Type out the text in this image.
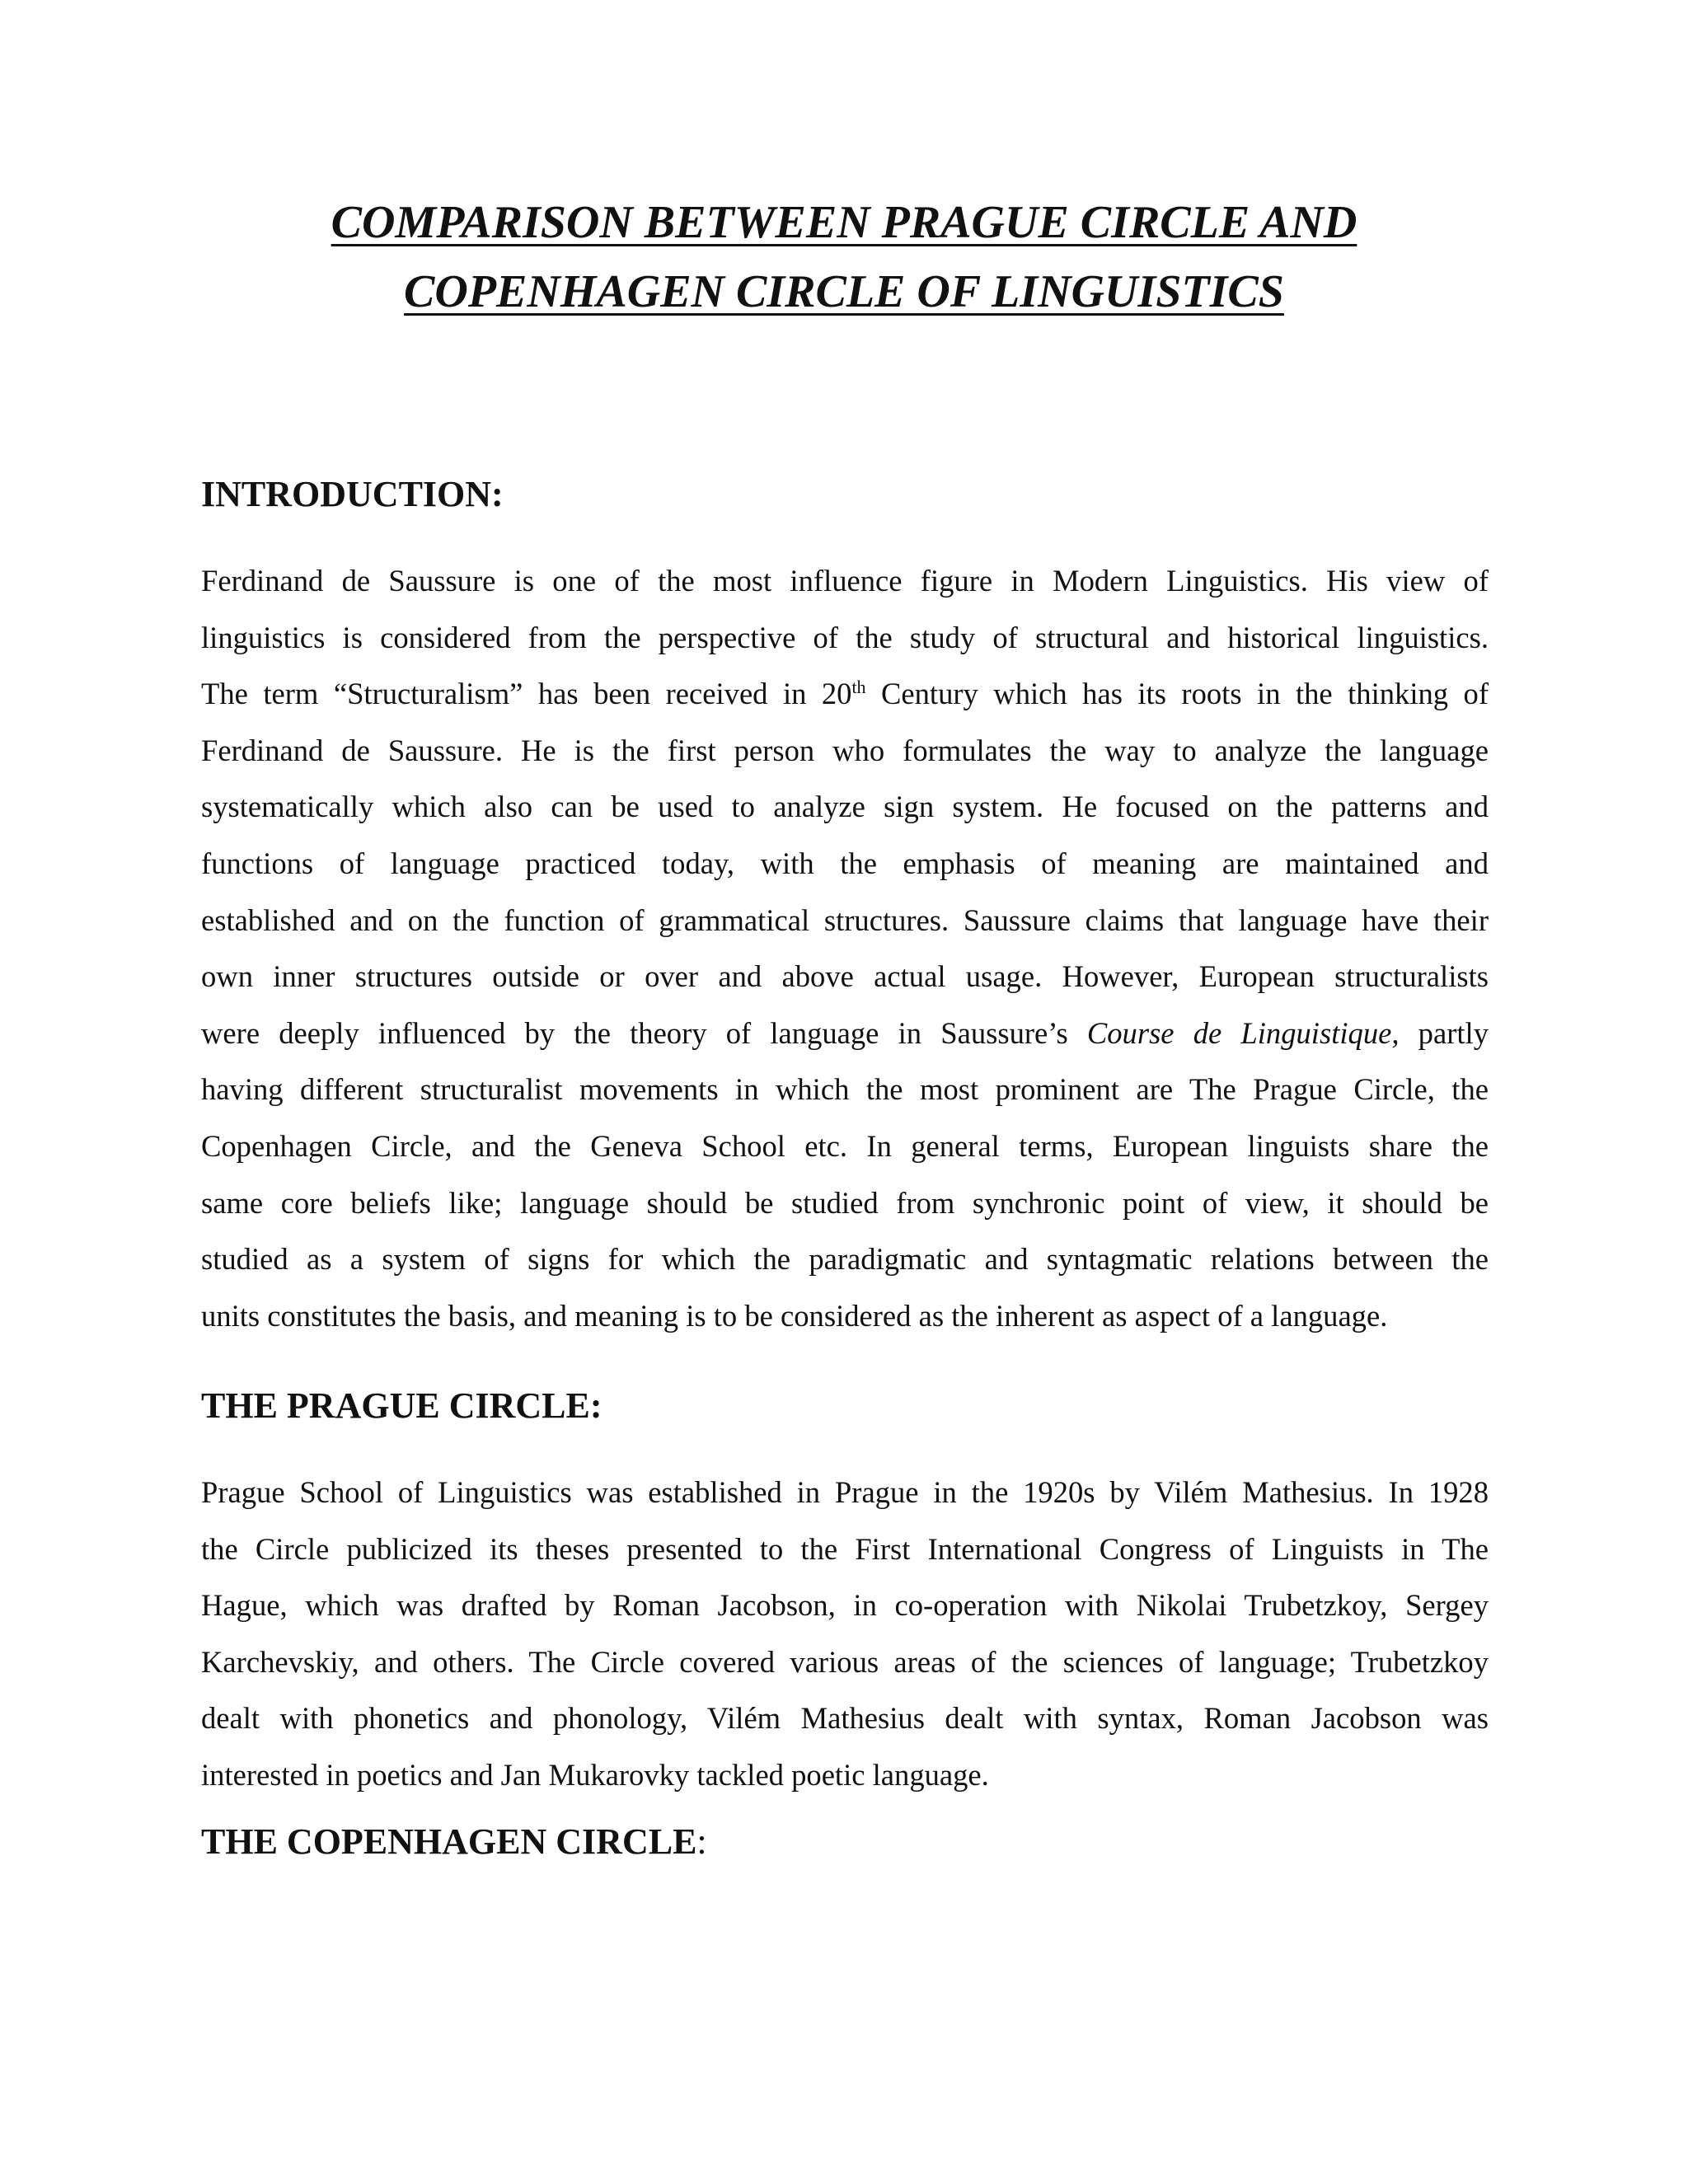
COMPARISON BETWEEN PRAGUE CIRCLE AND
COPENHAGEN CIRCLE OF LINGUISTICS
INTRODUCTION:
Ferdinand de Saussure is one of the most influence figure in Modern Linguistics. His view of
linguistics is considered from the perspective of the study of structural and historical linguistics.
The term “Structuralism” has been received in 20th Century which has its roots in the thinking of
Ferdinand de Saussure. He is the first person who formulates the way to analyze the language
systematically which also can be used to analyze sign system. He focused on the patterns and
functions of language practiced today, with the emphasis of meaning are maintained and
established and on the function of grammatical structures. Saussure claims that language have their
own inner structures outside or over and above actual usage. However, European structuralists
were deeply influenced by the theory of language in Saussure’s Course de Linguistique, partly
having different structuralist movements in which the most prominent are The Prague Circle, the
Copenhagen Circle, and the Geneva School etc. In general terms, European linguists share the
same core beliefs like; language should be studied from synchronic point of view, it should be
studied as a system of signs for which the paradigmatic and syntagmatic relations between the
units constitutes the basis, and meaning is to be considered as the inherent as aspect of a language.
THE PRAGUE CIRCLE:
Prague School of Linguistics was established in Prague in the 1920s by Vilém Mathesius. In 1928
the Circle publicized its theses presented to the First International Congress of Linguists in The
Hague, which was drafted by Roman Jacobson, in co-operation with Nikolai Trubetzkoy, Sergey
Karchevskiy, and others. The Circle covered various areas of the sciences of language; Trubetzkoy
dealt with phonetics and phonology, Vilém Mathesius dealt with syntax, Roman Jacobson was
interested in poetics and Jan Mukarovky tackled poetic language.
THE COPENHAGEN CIRCLE:
